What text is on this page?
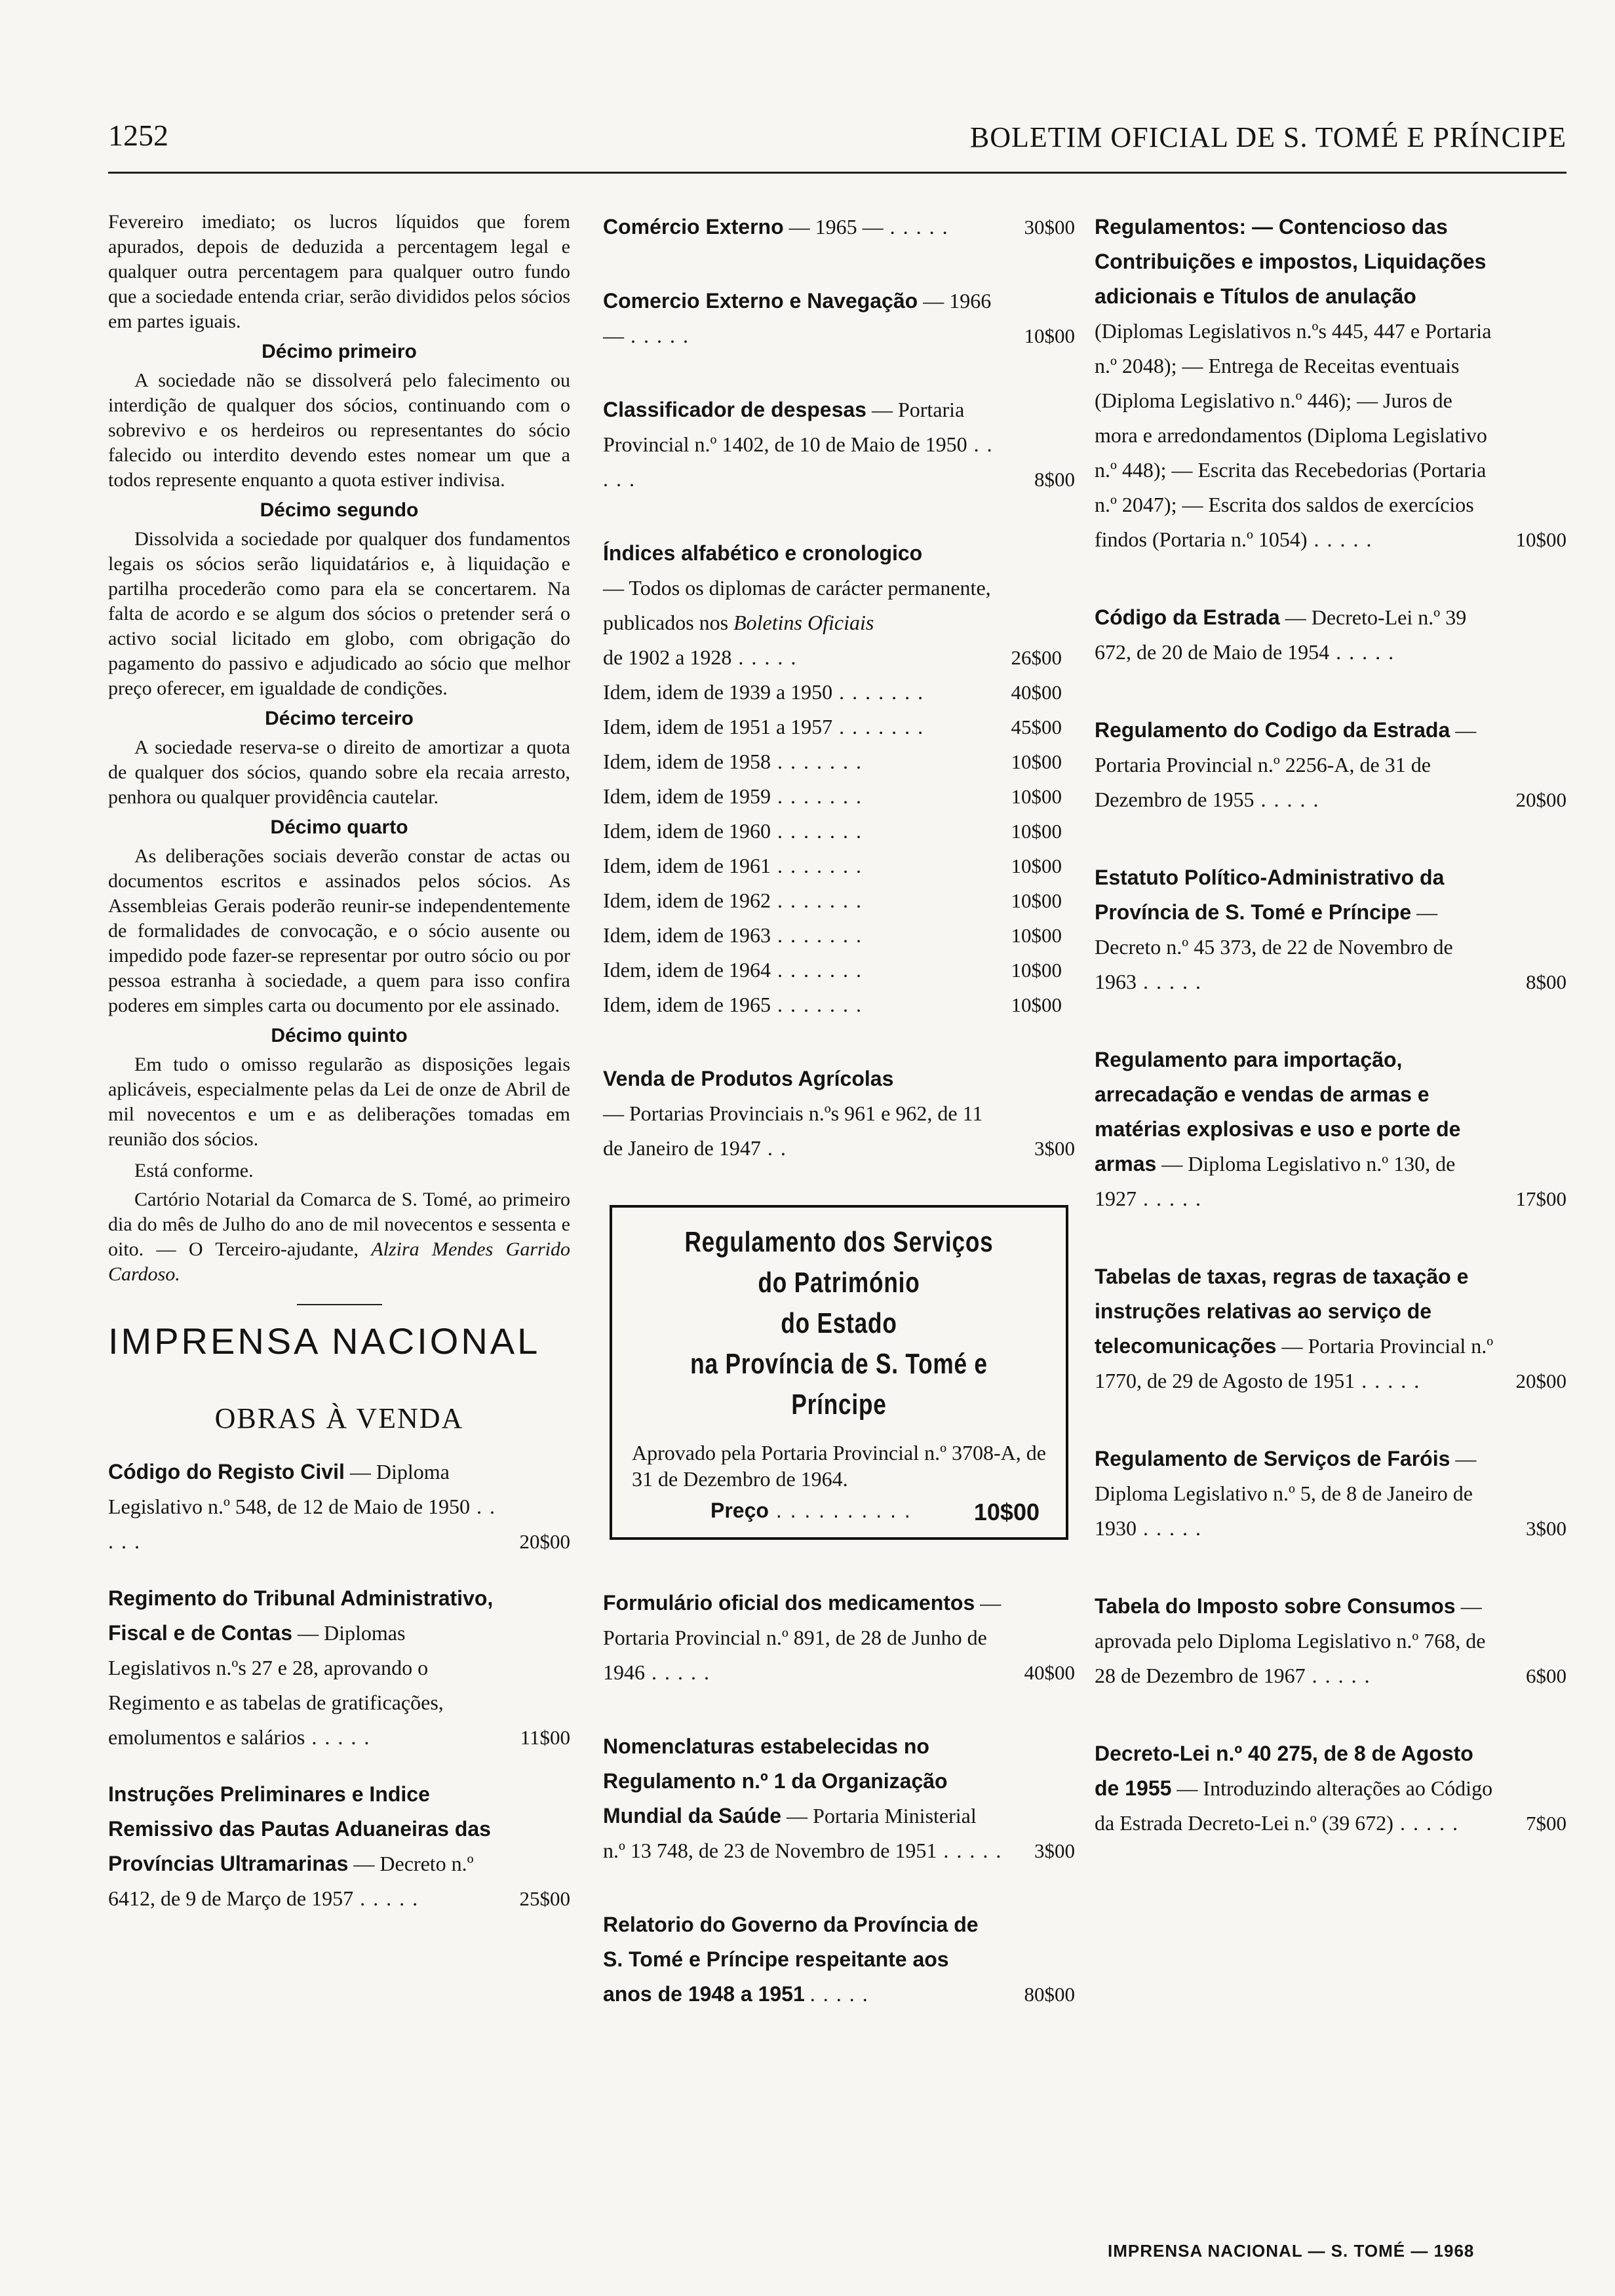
1252	BOLETIM OFICIAL DE S. TOMÉ E PRÍNCIPE

Fevereiro imediato; os lucros líquidos que forem apurados, depois de deduzida a percentagem legal e qualquer outra percentagem para qualquer outro fundo que a sociedade entenda criar, serão divididos pelos sócios em partes iguais.

Décimo primeiro

A sociedade não se dissolverá pelo falecimento ou interdição de qualquer dos sócios, continuando com o sobrevivo e os herdeiros ou representantes do sócio falecido ou interdito devendo estes nomear um que a todos represente enquanto a quota estiver indivisa.

Décimo segundo

Dissolvida a sociedade por qualquer dos fundamentos legais os sócios serão liquidatários e, à liquidação e partilha procederão como para ela se concertarem. Na falta de acordo e se algum dos sócios o pretender será o activo social licitado em globo, com obrigação do pagamento do passivo e adjudicado ao sócio que melhor preço oferecer, em igualdade de condições.

Décimo terceiro

A sociedade reserva-se o direito de amortizar a quota de qualquer dos sócios, quando sobre ela recaia arresto, penhora ou qualquer providência cautelar.

Décimo quarto

As deliberações sociais deverão constar de actas ou documentos escritos e assinados pelos sócios. As Assembleias Gerais poderão reunir-se independentemente de formalidades de convocação, e o sócio ausente ou impedido pode fazer-se representar por outro sócio ou por pessoa estranha à sociedade, a quem para isso confira poderes em simples carta ou documento por ele assinado.

Décimo quinto

Em tudo o omisso regularão as disposições legais aplicáveis, especialmente pelas da Lei de onze de Abril de mil novecentos e um e as deliberações tomadas em reunião dos sócios.

Está conforme.

Cartório Notarial da Comarca de S. Tomé, ao primeiro dia do mês de Julho do ano de mil novecentos e sessenta e oito. — O Terceiro-ajudante, Alzira Mendes Garrido Cardoso.

IMPRENSA NACIONAL
OBRAS À VENDA
Código do Registo Civil — Diploma Legislativo n.º 548, de 12 de Maio de 1950 . . . . .	20$00
Regimento do Tribunal Administrativo, Fiscal e de Contas — Diplomas Legislativos n.ºs 27 e 28, aprovando o Regimento e as tabelas de gratificações, emolumentos e salários . . . . .	11$00
Instruções Preliminares e Indice Remissivo das Pautas Aduaneiras das Províncias Ultramarinas — Decreto n.º 6412, de 9 de Março de 1957 . . . . .	25$00
Comércio Externo — 1965 — . . . . .	30$00
Comercio Externo e Navegação — 1966 — . . . . .	10$00
Classificador de despesas — Portaria Provincial n.º 1402, de 10 de Maio de 1950 . . . . .	8$00
Índices alfabético e cronologico
— Todos os diplomas de carácter permanente, publicados nos Boletins Oficiais
de 1902 a 1928 . . . . .	26$00
Idem, idem de 1939 a 1950 . . . . . . .	40$00
Idem, idem de 1951 a 1957 . . . . . . .	45$00
Idem, idem de 1958 . . . . . . .	10$00
Idem, idem de 1959 . . . . . . .	10$00
Idem, idem de 1960 . . . . . . .	10$00
Idem, idem de 1961 . . . . . . .	10$00
Idem, idem de 1962 . . . . . . .	10$00
Idem, idem de 1963 . . . . . . .	10$00
Idem, idem de 1964 . . . . . . .	10$00
Idem, idem de 1965 . . . . . . .	10$00
Venda de Produtos Agrícolas
— Portarias Provinciais n.ºs 961 e 962, de 11 de Janeiro de 1947 . .	3$00
Regulamento dos Serviços do Património
do Estado
na Província de S. Tomé e Príncipe
Aprovado pela Portaria Provincial n.º 3708-A, de 31 de Dezembro de 1964.
Preço . . . . . . . . . .	10$00
Formulário oficial dos medicamentos — Portaria Provincial n.º 891, de 28 de Junho de 1946 . . . . .	40$00
Nomenclaturas estabelecidas no Regulamento n.º 1 da Organização Mundial da Saúde — Portaria Ministerial n.º 13 748, de 23 de Novembro de 1951 . . . . . 3$00
Relatorio do Governo da Província de S. Tomé e Príncipe respeitante aos anos de 1948 a 1951 . . . . .	80$00
Regulamentos: — Contencioso das Contribuições e impostos, Liquidações adicionais e Títulos de anulação (Diplomas Legislativos n.ºs 445, 447 e Portaria n.º 2048); — Entrega de Receitas eventuais (Diploma Legislativo n.º 446); — Juros de mora e arredondamentos (Diploma Legislativo n.º 448); — Escrita das Recebedorias (Portaria n.º 2047); — Escrita dos saldos de exercícios findos (Portaria n.º 1054) . . . . .	10$00
Código da Estrada — Decreto-Lei n.º 39 672, de 20 de Maio de 1954 . . . . .
Regulamento do Codigo da Estrada — Portaria Provincial n.º 2256-A, de 31 de Dezembro de 1955 . . . . .	20$00
Estatuto Político-Administrativo da Província de S. Tomé e Príncipe — Decreto n.º 45 373, de 22 de Novembro de 1963 . . . . .	8$00
Regulamento para importação, arrecadação e vendas de armas e matérias explosivas e uso e porte de armas — Diploma Legislativo n.º 130, de 1927 . . . . .	17$00
Tabelas de taxas, regras de taxação e instruções relativas ao serviço de telecomunicações — Portaria Provincial n.º 1770, de 29 de Agosto de 1951 . . . . .	20$00
Regulamento de Serviços de Faróis — Diploma Legislativo n.º 5, de 8 de Janeiro de 1930 . . . . .	3$00
Tabela do Imposto sobre Consumos — aprovada pelo Diploma Legislativo n.º 768, de 28 de Dezembro de 1967 . . . . .	6$00
Decreto-Lei n.º 40 275, de 8 de Agosto de 1955 — Introduzindo alterações ao Código da Estrada Decreto-Lei n.º (39 672) . . . . .	7$00
IMPRENSA NACIONAL — S. TOMÉ — 1968
